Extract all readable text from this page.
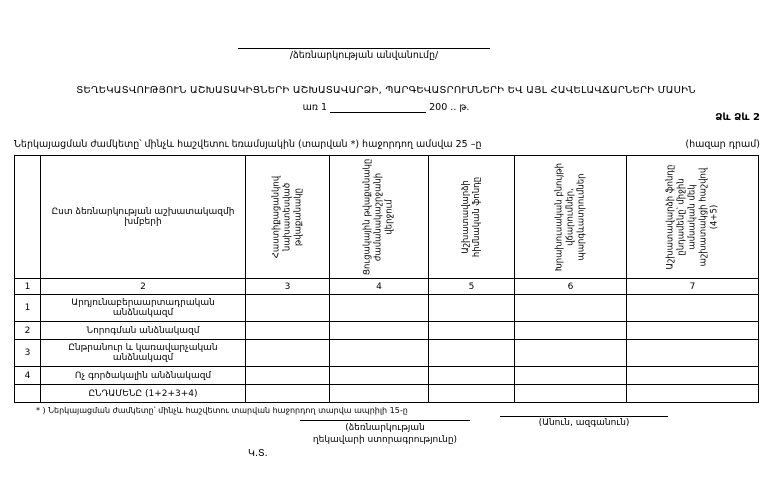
/ձեռնարկության անվանումը/
ՏԵՂԵԿԱՏՎՈՒԹՅՈՒՆ ԱՇԽԱՏԱԿԻՑՆԵՐԻ ԱՇԽԱՏԱՎԱՐՁԻ, ՊԱՐԳԵՎԱՏՐՈՒՄՆԵՐԻ ԵՎ ԱՅԼ ՀԱՎԵԼԱՎՃԱՐՆԵՐԻ ՄԱՍԻՆ
առ 1	200 .. թ.
Ձև Ձև 2
Ներկայացման ժամկետը՝ մինչև հաշվետու եռամսյակին (տարվան *) հաջորդող ամսվա 25 –ը	(հազար դրամ)
	Ըստ ձեռնարկության աշխատակազմի խմբերի	Հաստիքացանկով նախատեսված թվաքանակը	Ցուցակային թվաքանակը ժամանակաշրջանի վերջում	Աշխատավարձի հիմնական ֆոնդը	Խրախուսական բնույթի վճարումներ, պարգևատրումներ	Աշխատավարձի ֆոնդը ընդամենը՝ միջին ամսական մեկ աշխատակցի հաշվով (4+5)

1	2	3	4	5	6	7
1	Արդյունաբերաարտադրական անձնակազմ					
2	Նորոգման անձնակազմ					
3	Ընթրանուր և կառավարչական անձնակազմ					
4	Ոչ գործակալին անձնակազմ					
	ԸՆԴԱՄԵՆԸ (1+2+3+4)					
* ) Ներկայացման ժամկետը՝ մինչև հաշվետու տարվան հաջորդող տարվա ապրիլի 15-ը
(ձեռնարկության
ղեկավարի ստորագրությունը)
(Անուն, ազգանուն)
Կ.Տ.
